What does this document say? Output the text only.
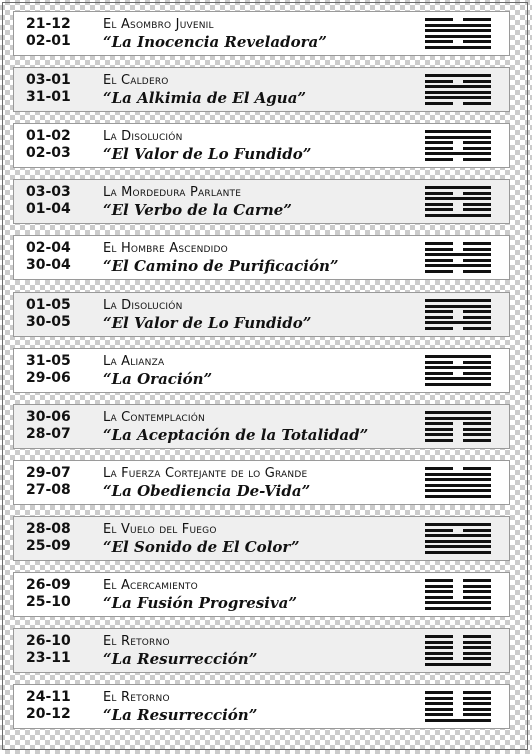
21-12
02-01
El Asombro Juvenil
“La Inocencia Reveladora”
03-01
31-01
El Caldero
“La Alkimia de El Agua”
01-02
02-03
La Disolución
“El Valor de Lo Fundido”
03-03
01-04
La Mordedura Parlante
“El Verbo de la Carne”
02-04
30-04
El Hombre Ascendido
“El Camino de Purificación”
01-05
30-05
La Disolución
“El Valor de Lo Fundido”
31-05
29-06
La Alianza
“La Oración”
30-06
28-07
La Contemplación
“La Aceptación de la Totalidad”
29-07
27-08
La Fuerza Cortejante de lo Grande
“La Obediencia De-Vida”
28-08
25-09
El Vuelo del Fuego
“El Sonido de El Color”
26-09
25-10
El Acercamiento
“La Fusión Progresiva”
26-10
23-11
El Retorno
“La Resurrección”
24-11
20-12
El Retorno
“La Resurrección”
